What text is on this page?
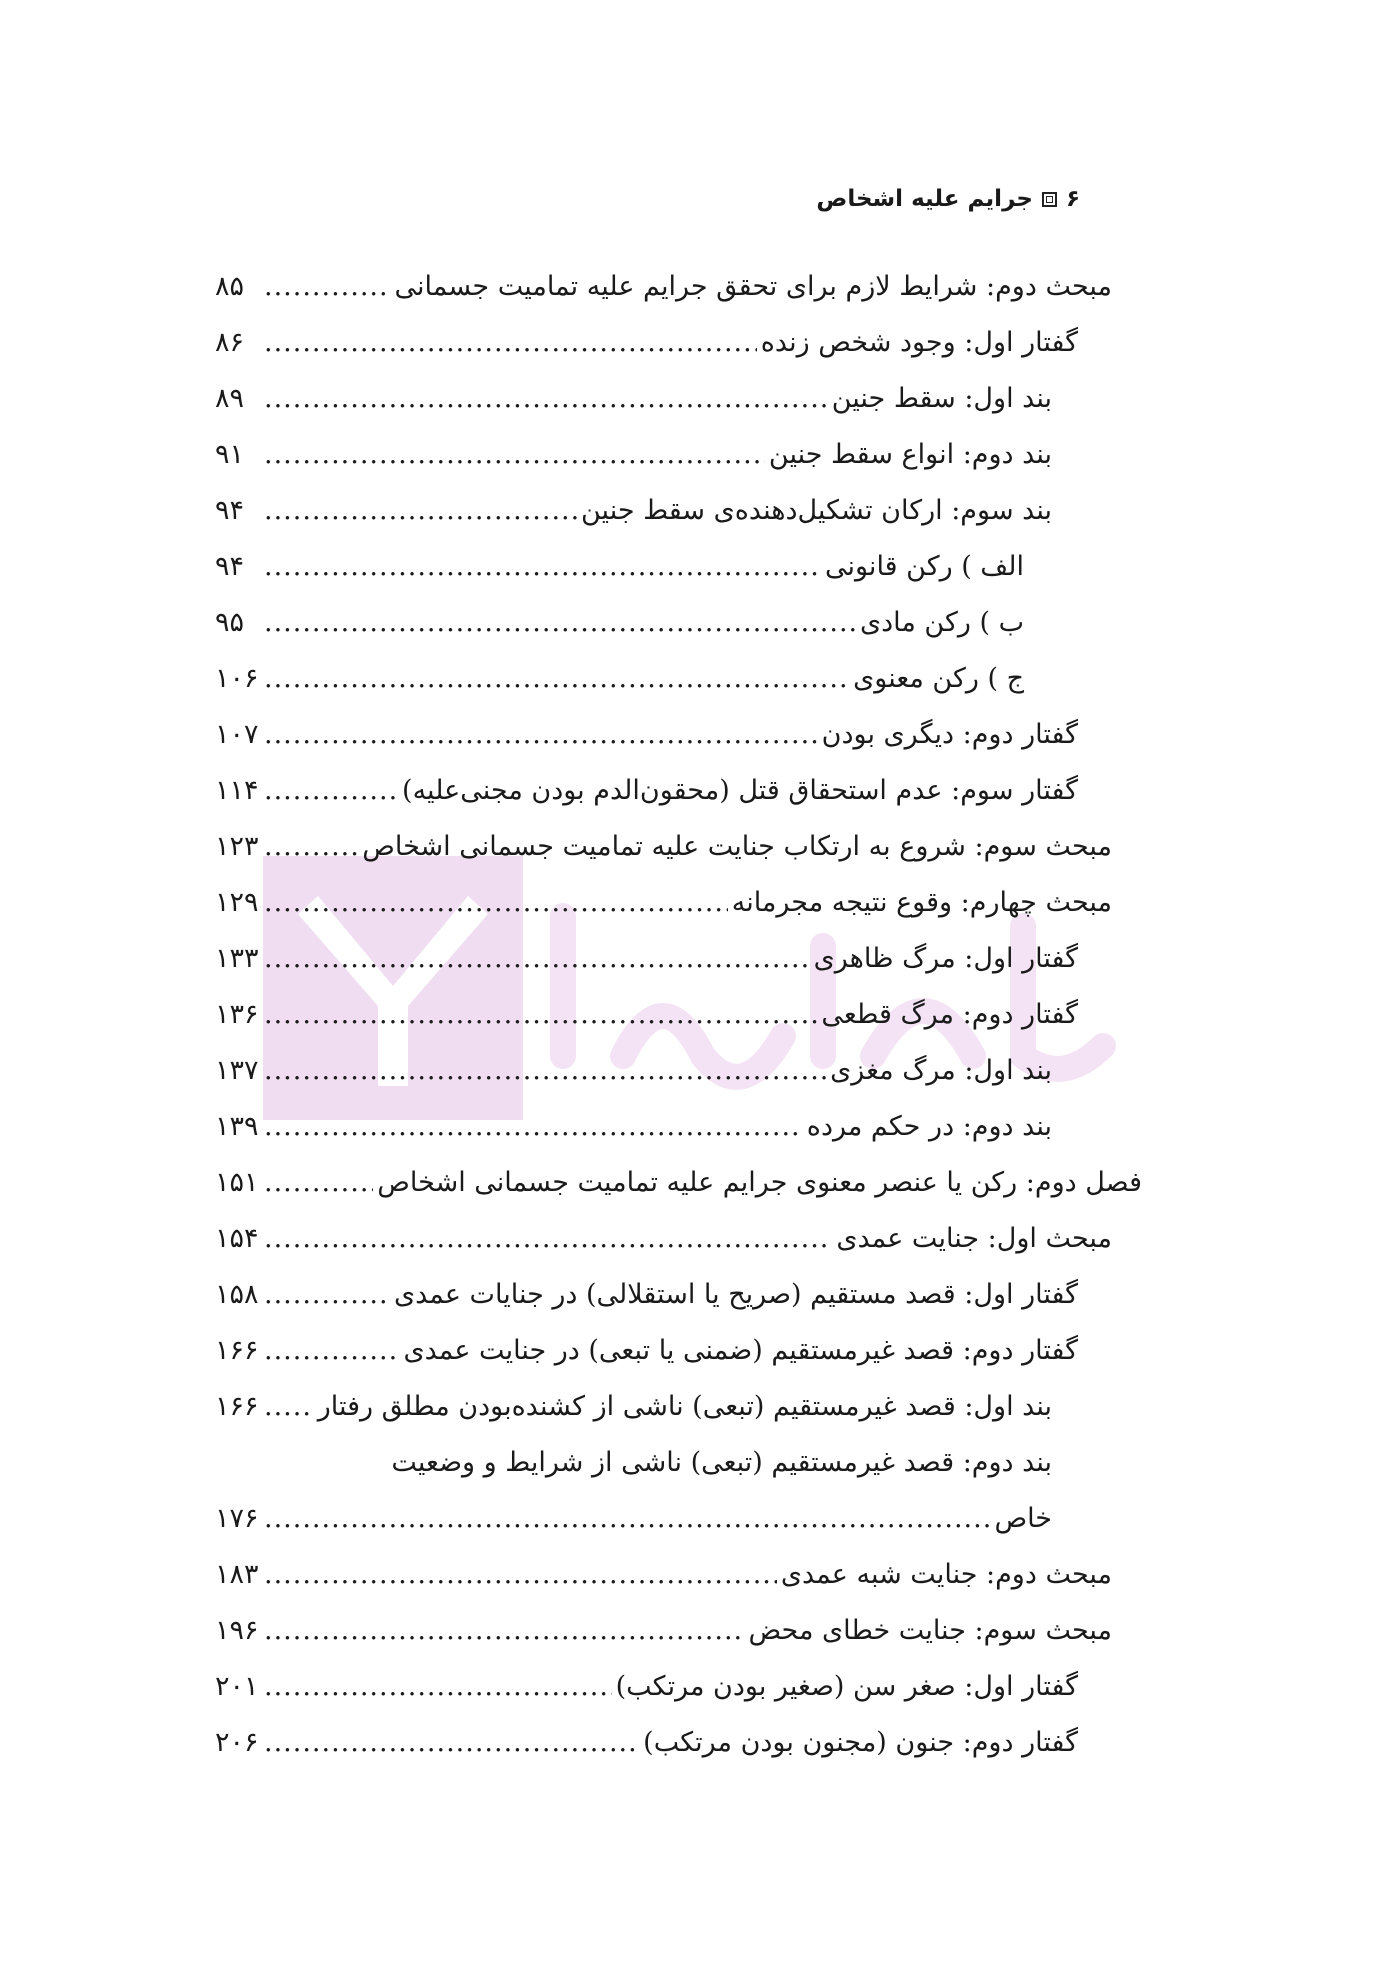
۶
جرایم علیه اشخاص
مبحث دوم: شرایط لازم برای تحقق جرایم علیه تمامیت جسمانی
.....
۸۵
گفتار اول: وجود شخص زنده
.....
۸۶
بند اول: سقط جنین
.....
۸۹
بند دوم: انواع سقط جنین
.....
۹۱
بند سوم: ارکان تشکیل‌دهنده‌ی سقط جنین
.....
۹۴
الف ) رکن قانونی
.....
۹۴
ب ) رکن مادی
.....
۹۵
ج ) رکن معنوی
.....
۱۰۶
گفتار دوم: دیگری بودن
.....
۱۰۷
گفتار سوم: عدم استحقاق قتل (محقون‌الدم بودن مجنی‌علیه)
.....
۱۱۴
مبحث سوم: شروع به ارتکاب جنایت علیه تمامیت جسمانی اشخاص
.....
۱۲۳
مبحث چهارم: وقوع نتیجه مجرمانه
.....
۱۲۹
گفتار اول: مرگ ظاهری
.....
۱۳۳
گفتار دوم: مرگ قطعی
.....
۱۳۶
بند اول: مرگ مغزی
.....
۱۳۷
بند دوم: در حکم مرده
.....
۱۳۹
فصل دوم: رکن یا عنصر معنوی جرایم علیه تمامیت جسمانی اشخاص
.....
۱۵۱
مبحث اول: جنایت عمدی
.....
۱۵۴
گفتار اول: قصد مستقیم (صریح یا استقلالی) در جنایات عمدی
.....
۱۵۸
گفتار دوم: قصد غیرمستقیم (ضمنی یا تبعی) در جنایت عمدی
.....
۱۶۶
بند اول: قصد غیرمستقیم (تبعی) ناشی از کشنده‌بودن مطلق رفتار
.....
۱۶۶
بند دوم: قصد غیرمستقیم (تبعی) ناشی از شرایط و وضعیت
خاص
.....
۱۷۶
مبحث دوم: جنایت شبه عمدی
.....
۱۸۳
مبحث سوم: جنایت خطای محض
.....
۱۹۶
گفتار اول: صغر سن (صغیر بودن مرتکب)
.....
۲۰۱
گفتار دوم: جنون (مجنون بودن مرتکب)
.....
۲۰۶
